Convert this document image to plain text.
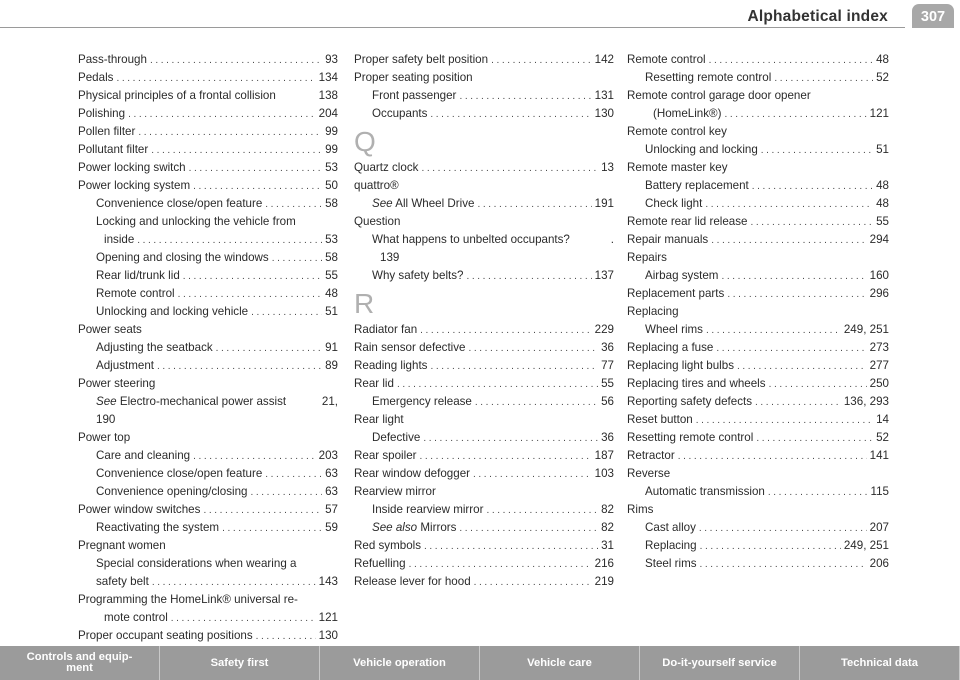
Alphabetical index	307
Pass-through .....	93
Pedals .....	134
Physical principles of a frontal collision	138
Polishing .....	204
Pollen filter .....	99
Pollutant filter .....	99
Power locking switch .....	53
Power locking system .....	50
Convenience close/open feature .....	58
Locking and unlocking the vehicle from
inside .....	53
Opening and closing the windows .....	58
Rear lid/trunk lid .....	55
Remote control .....	48
Unlocking and locking vehicle .....	51
Power seats
Adjusting the seatback .....	91
Adjustment .....	89
Power steering
See Electro-mechanical power assist	21,
190
Power top
Care and cleaning .....	203
Convenience close/open feature .....	63
Convenience opening/closing .....	63
Power window switches .....	57
Reactivating the system .....	59
Pregnant women
Special considerations when wearing a
safety belt .....	143
Programming the HomeLink® universal re-
mote control .....	121
Proper occupant seating positions .....	130
Proper safety belt position .....	142
Proper seating position
Front passenger .....	131
Occupants .....	130
Q
Quartz clock .....	13
quattro®
See All Wheel Drive .....	191
Question
What happens to unbelted occupants?	.
139
Why safety belts? .....	137
R
Radiator fan .....	229
Rain sensor defective .....	36
Reading lights .....	77
Rear lid .....	55
Emergency release .....	56
Rear light
Defective .....	36
Rear spoiler .....	187
Rear window defogger .....	103
Rearview mirror
Inside rearview mirror .....	82
See also Mirrors .....	82
Red symbols .....	31
Refuelling .....	216
Release lever for hood .....	219
Remote control .....	48
Resetting remote control .....	52
Remote control garage door opener
(HomeLink®) .....	121
Remote control key
Unlocking and locking .....	51
Remote master key
Battery replacement .....	48
Check light .....	48
Remote rear lid release .....	55
Repair manuals .....	294
Repairs
Airbag system .....	160
Replacement parts .....	296
Replacing
Wheel rims .....	249, 251
Replacing a fuse .....	273
Replacing light bulbs .....	277
Replacing tires and wheels .....	250
Reporting safety defects .....	136, 293
Reset button .....	14
Resetting remote control .....	52
Retractor .....	141
Reverse
Automatic transmission .....	115
Rims
Cast alloy .....	207
Replacing .....	249, 251
Steel rims .....	206
Controls and equip-
ment	Safety first	Vehicle operation	Vehicle care	Do-it-yourself service	Technical data
